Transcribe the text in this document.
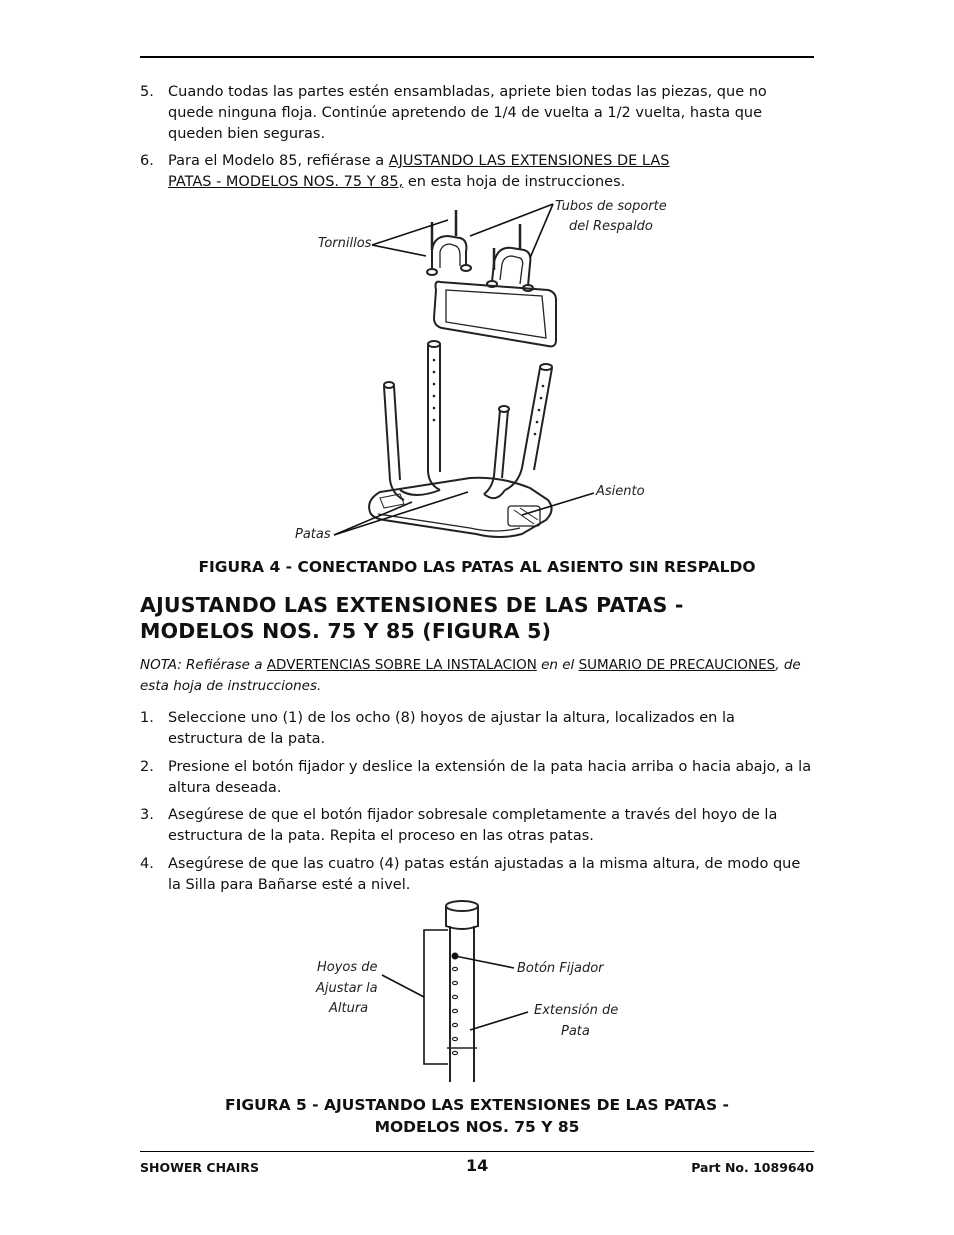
5. Cuando todas las partes estén ensambladas, apriete bien todas las piezas, que no quede ninguna floja. Continúe apretendo de 1/4 de vuelta a 1/2 vuelta, hasta que queden bien seguras.
6. Para el Modelo 85, refiérase a AJUSTANDO LAS EXTENSIONES DE LAS PATAS - MODELOS NOS. 75 Y 85, en esta hoja de instrucciones.
Tornillos
Tubos de soporte
del Respaldo
Asiento
Patas
FIGURA 4 - CONECTANDO LAS PATAS AL ASIENTO SIN RESPALDO
AJUSTANDO LAS EXTENSIONES DE LAS PATAS -
MODELOS NOS. 75 Y 85 (FIGURA 5)
NOTA: Refiérase a ADVERTENCIAS SOBRE LA INSTALACION en el SUMARIO DE PRECAUCIONES, de esta hoja de instrucciones.
1. Seleccione uno (1) de los ocho (8) hoyos de ajustar la altura, localizados en la estructura de la pata.
2. Presione el botón fijador y deslice la extensión de la pata hacia arriba o hacia abajo, a la altura deseada.
3. Asegúrese de que el botón fijador sobresale completamente a través del hoyo de la estructura de la pata. Repita el proceso en las otras patas.
4. Asegúrese de que las cuatro (4) patas están ajustadas a la misma altura, de modo que la Silla para Bañarse esté a nivel.
Hoyos de
Ajustar la
Altura
Botón Fijador
Extensión de
Pata
FIGURA 5 - AJUSTANDO LAS EXTENSIONES DE LAS PATAS -
MODELOS NOS. 75 Y 85
SHOWER CHAIRS	14	Part No. 1089640
